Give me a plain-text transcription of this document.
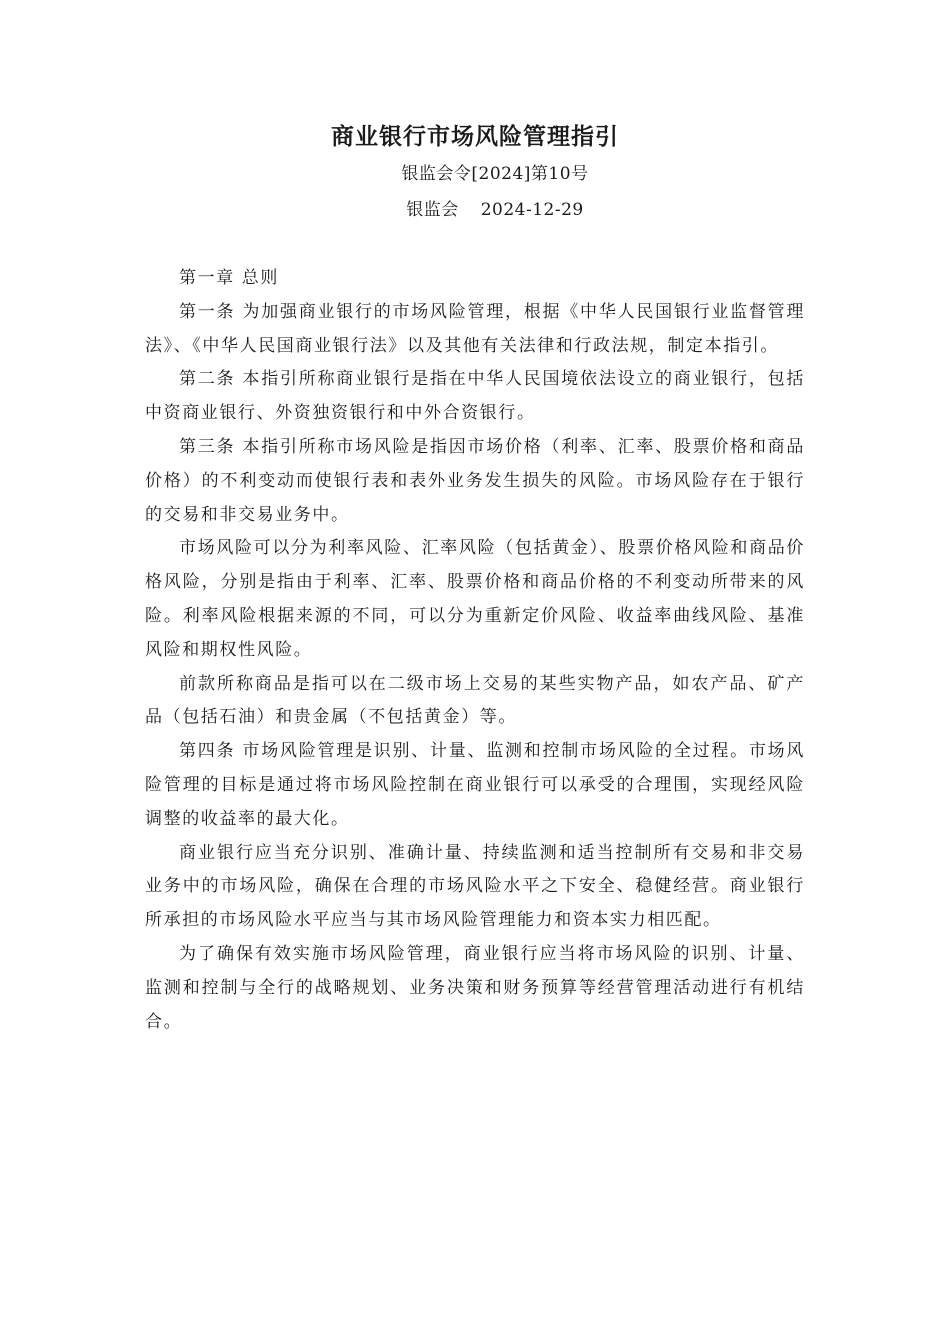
商业银行市场风险管理指引
银监会令[2024]第10号
银监会 2024-12-29

第一章 总则

第一条 为加强商业银行的市场风险管理，根据《中华人民国银行业监督管理法》、《中华人民国商业银行法》以及其他有关法律和行政法规，制定本指引。

第二条 本指引所称商业银行是指在中华人民国境依法设立的商业银行，包括中资商业银行、外资独资银行和中外合资银行。

第三条 本指引所称市场风险是指因市场价格（利率、汇率、股票价格和商品价格）的不利变动而使银行表和表外业务发生损失的风险。市场风险存在于银行的交易和非交易业务中。

市场风险可以分为利率风险、汇率风险（包括黄金）、股票价格风险和商品价格风险，分别是指由于利率、汇率、股票价格和商品价格的不利变动所带来的风险。利率风险根据来源的不同，可以分为重新定价风险、收益率曲线风险、基准风险和期权性风险。

前款所称商品是指可以在二级市场上交易的某些实物产品，如农产品、矿产品（包括石油）和贵金属（不包括黄金）等。

第四条 市场风险管理是识别、计量、监测和控制市场风险的全过程。市场风险管理的目标是通过将市场风险控制在商业银行可以承受的合理围，实现经风险调整的收益率的最大化。

商业银行应当充分识别、准确计量、持续监测和适当控制所有交易和非交易业务中的市场风险，确保在合理的市场风险水平之下安全、稳健经营。商业银行所承担的市场风险水平应当与其市场风险管理能力和资本实力相匹配。

为了确保有效实施市场风险管理，商业银行应当将市场风险的识别、计量、监测和控制与全行的战略规划、业务决策和财务预算等经营管理活动进行有机结合。
